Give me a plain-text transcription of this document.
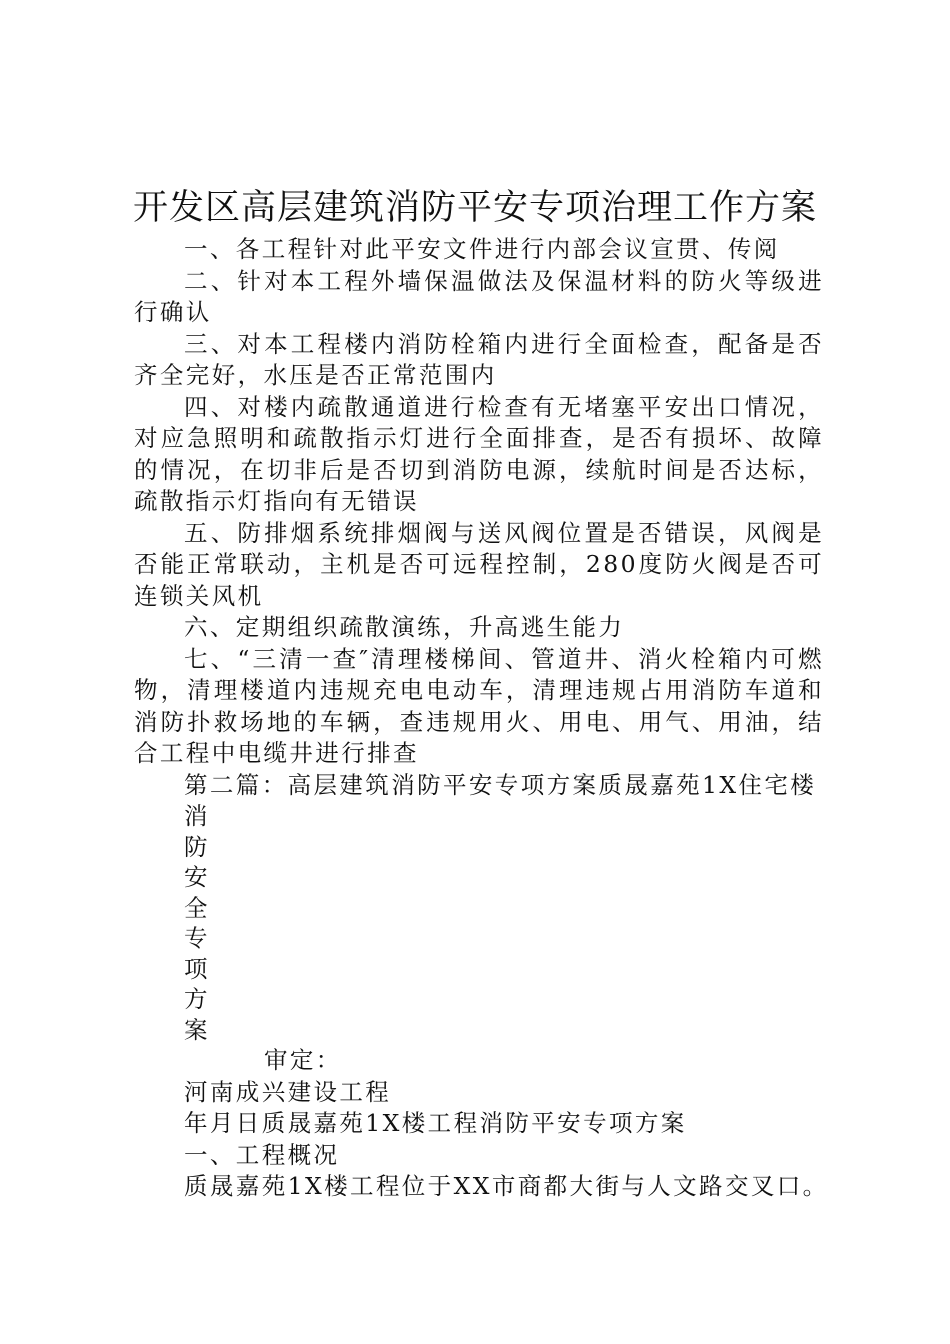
开发区高层建筑消防平安专项治理工作方案

一、各工程针对此平安文件进行内部会议宣贯、传阅

二、针对本工程外墙保温做法及保温材料的防火等级进行确认

三、对本工程楼内消防栓箱内进行全面检查，配备是否齐全完好，水压是否正常范围内

四、对楼内疏散通道进行检查有无堵塞平安出口情况，对应急照明和疏散指示灯进行全面排查，是否有损坏、故障的情况，在切非后是否切到消防电源，续航时间是否达标，疏散指示灯指向有无错误

五、防排烟系统排烟阀与送风阀位置是否错误，风阀是否能正常联动，主机是否可远程控制，280度防火阀是否可连锁关风机

六、定期组织疏散演练，升高逃生能力

七、“三清一查″清理楼梯间、管道井、消火栓箱内可燃物，清理楼道内违规充电电动车，清理违规占用消防车道和消防扑救场地的车辆，查违规用火、用电、用气、用油，结合工程中电缆井进行排查

第二篇：高层建筑消防平安专项方案质晟嘉苑1X住宅楼

消
防
安
全
专
项
方
案

审定：

河南成兴建设工程

年月日质晟嘉苑1X楼工程消防平安专项方案

一、工程概况

质晟嘉苑1X楼工程位于XX市商都大街与人文路交叉口。
